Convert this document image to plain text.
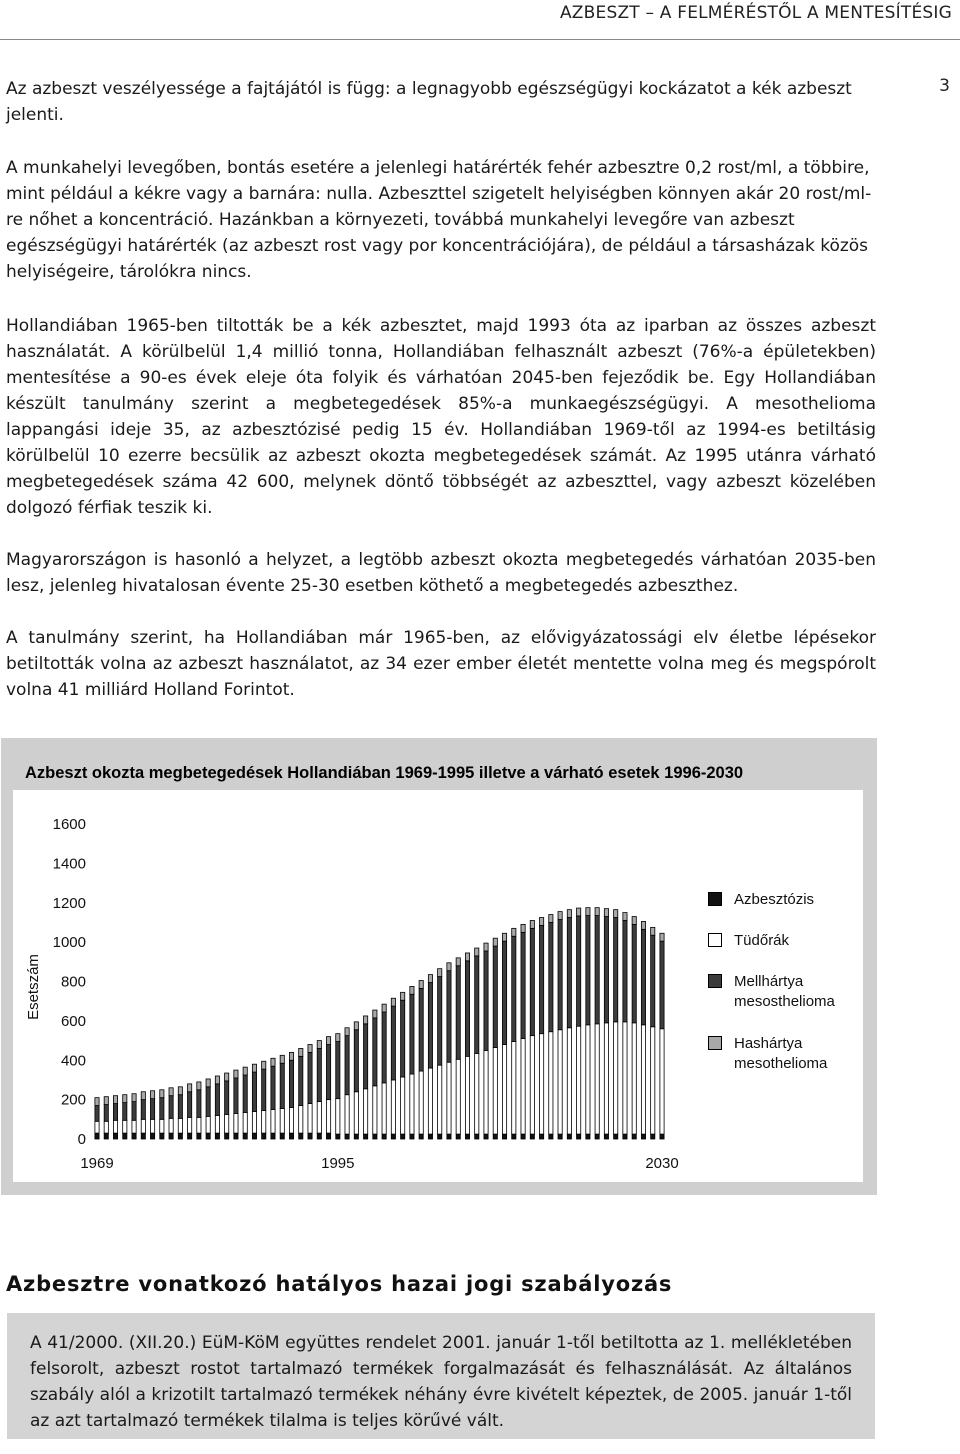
AZBESZT – A FELMÉRÉSTŐL A MENTESÍTÉSIG
3

Az azbeszt veszélyessége a fajtájától is függ: a legnagyobb egészségügyi kockázatot a kék azbeszt jelenti.

A munkahelyi levegőben, bontás esetére a jelenlegi határérték fehér azbesztre 0,2 rost/ml, a többire, mint például a kékre vagy a barnára: nulla. Azbeszttel szigetelt helyiségben könnyen akár 20 rost/ml-re nőhet a koncentráció. Hazánkban a környezeti, továbbá munkahelyi levegőre van azbeszt egészségügyi határérték (az azbeszt rost vagy por koncentrációjára), de például a társasházak közös helyiségeire, tárolókra nincs.

Hollandiában 1965-ben tiltották be a kék azbesztet, majd 1993 óta az iparban az összes azbeszt használatát. A körülbelül 1,4 millió tonna, Hollandiában felhasznált azbeszt (76%-a épületekben) mentesítése a 90-es évek eleje óta folyik és várhatóan 2045-ben fejeződik be. Egy Hollandiában készült tanulmány szerint a megbetegedések 85%-a munkaegészségügyi. A mesothelioma lappangási ideje 35, az azbesztózisé pedig 15 év. Hollandiában 1969-től az 1994-es betiltásig körülbelül 10 ezerre becsülik az azbeszt okozta megbetegedések számát. Az 1995 utánra várható megbetegedések száma 42 600, melynek döntő többségét az azbeszttel, vagy azbeszt közelében dolgozó férfiak teszik ki.

Magyarországon is hasonló a helyzet, a legtöbb azbeszt okozta megbetegedés várhatóan 2035-ben lesz, jelenleg hivatalosan évente 25-30 esetben köthető a megbetegedés azbeszthez.

A tanulmány szerint, ha Hollandiában már 1965-ben, az elővigyázatossági elv életbe lépésekor betiltották volna az azbeszt használatot, az 34 ezer ember életét mentette volna meg és megspórolt volna 41 milliárd Holland Forintot.

Azbeszt okozta megbetegedések Hollandiában 1969-1995 illetve a várható esetek 1996-2030
0
200
400
600
800
1000
1200
1400
1600
1969	1995	2030
Esetszám
Azbesztózis
Tüdőrák
Mellhártya mesosthelioma
Hashártya mesothelioma
Azbesztre vonatkozó hatályos hazai jogi szabályozás

A 41/2000. (XII.20.) EüM-KöM együttes rendelet 2001. január 1-től betiltotta az 1. mellékletében felsorolt, azbeszt rostot tartalmazó termékek forgalmazását és felhasználását. Az általános szabály alól a krizotilt tartalmazó termékek néhány évre kivételt képeztek, de 2005. január 1-től az azt tartalmazó termékek tilalma is teljes körűvé vált.
